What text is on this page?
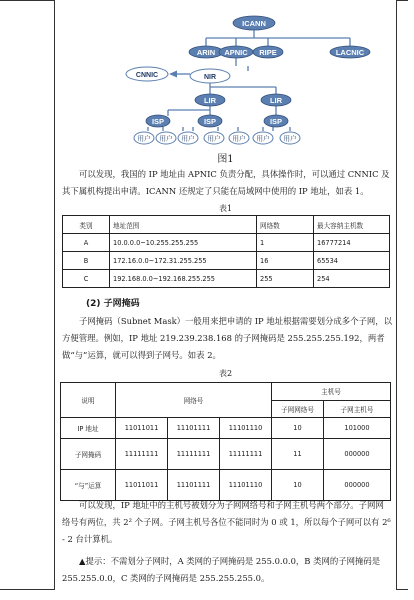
ICANN
ARIN APNIC RIPE	LACNIC
CNNIC	NIR
LIR	LIR
ISP	ISP	ISP
用户 用户 用户 用户 用户 用户 用户
图1

可以发现，我国的 IP 地址由 APNIC 负责分配，具体操作时，可以通过 CNNIC 及其下属机构提出申请。ICANN 还规定了只能在局域网中使用的 IP 地址，如表 1。

表1
类别	地址范围	网络数	最大容纳主机数
A	10.0.0.0~10.255.255.255	1	16777214
B	172.16.0.0~172.31.255.255	16	65534
C	192.168.0.0~192.168.255.255	255	254
(2) 子网掩码

子网掩码（Subnet Mask）一般用来把申请的 IP 地址根据需要划分成多个子网，以方便管理。例如，IP 地址 219.239.238.168 的子网掩码是 255.255.255.192，两者做“与”运算，就可以得到子网号。如表 2。

表2
说明	网络号			主机号	
				子网网络号	子网主机号
IP 地址	11011011	11101111	11101110	10	101000
子网掩码	11111111	11111111	11111111	11	000000
“与”运算	11011011	11101111	11101110	10	000000

可以发现，IP 地址中的主机号被划分为子网网络号和子网主机号两个部分。子网网络号有两位，共 2² 个子网。子网主机号各位不能同时为 0 或 1，所以每个子网可以有 2⁶ - 2 台计算机。

▲提示：不需划分子网时，A 类网的子网掩码是 255.0.0.0，B 类网的子网掩码是 255.255.0.0，C 类网的子网掩码是 255.255.255.0。
